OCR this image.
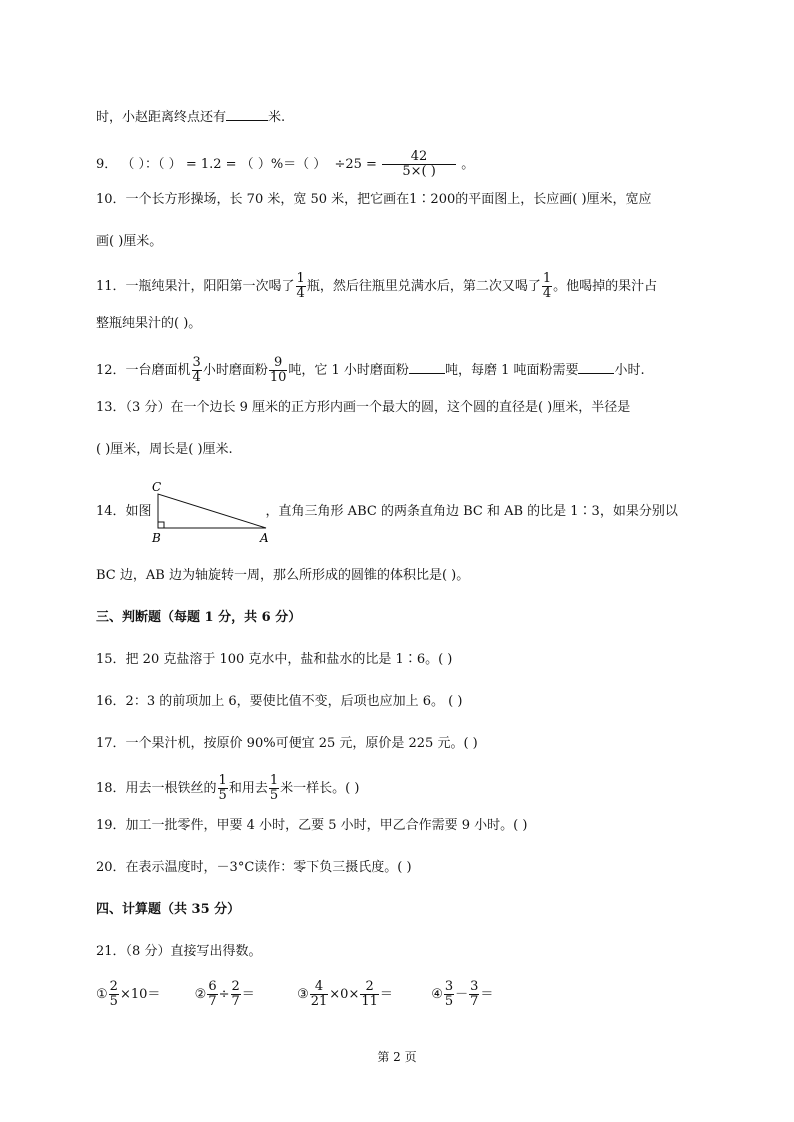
时，小赵距离终点还有	米.
9． （ ）：（ ） = 1.2 = （ ）%＝（ ） $\div 25 = \frac{42}{5\times( )}$ 。
10．一个长方形操场，长 70 米，宽 50 米，把它画在1∶200的平面图上，长应画( )厘米，宽应
画( )厘米。
11．一瓶纯果汁，阳阳第一次喝了 $\frac{1}{4}$ 瓶，然后往瓶里兑满水后，第二次又喝了 $\frac{1}{4}$ 。他喝掉的果汁占
整瓶纯果汁的( )。
12．一台磨面机 $\frac{3}{4}$ 小时磨面粉 $\frac{9}{10}$ 吨，它 1 小时磨面粉	吨，每磨 1 吨面粉需要	小时.
13．（3 分）在一个边长 9 厘米的正方形内画一个最大的圆，这个圆的直径是( )厘米，半径是
( )厘米，周长是( )厘米.
14．如图	，直角三角形 ABC 的两条直角边 BC 和 AB 的比是 1∶3，如果分别以
C
B	A
BC 边，AB 边为轴旋转一周，那么所形成的圆锥的体积比是( )。
三、判断题（每题 1 分，共 6 分）
15．把 20 克盐溶于 100 克水中，盐和盐水的比是 1∶6。( )
16．2：3 的前项加上 6，要使比值不变，后项也应加上 6。 ( )
17．一个果汁机，按原价 90%可便宜 25 元，原价是 225 元。( )
18．用去一根铁丝的 $\frac{1}{5}$ 和用去 $\frac{1}{5}$ 米一样长。( )
19．加工一批零件，甲要 4 小时，乙要 5 小时，甲乙合作需要 9 小时。( )
20．在表示温度时，－3°C读作：零下负三摄氏度。( )
四、计算题（共 35 分）
21．（8 分）直接写出得数。
① $\frac{2}{5} \times 10=$	② $\frac{6}{7} \div \frac{2}{7}$ ＝	③ $\frac{4}{21} \times 0\times \frac{2}{11}$ ＝	④ $\frac{3}{5} - \frac{3}{7}$ ＝
第 2 页
